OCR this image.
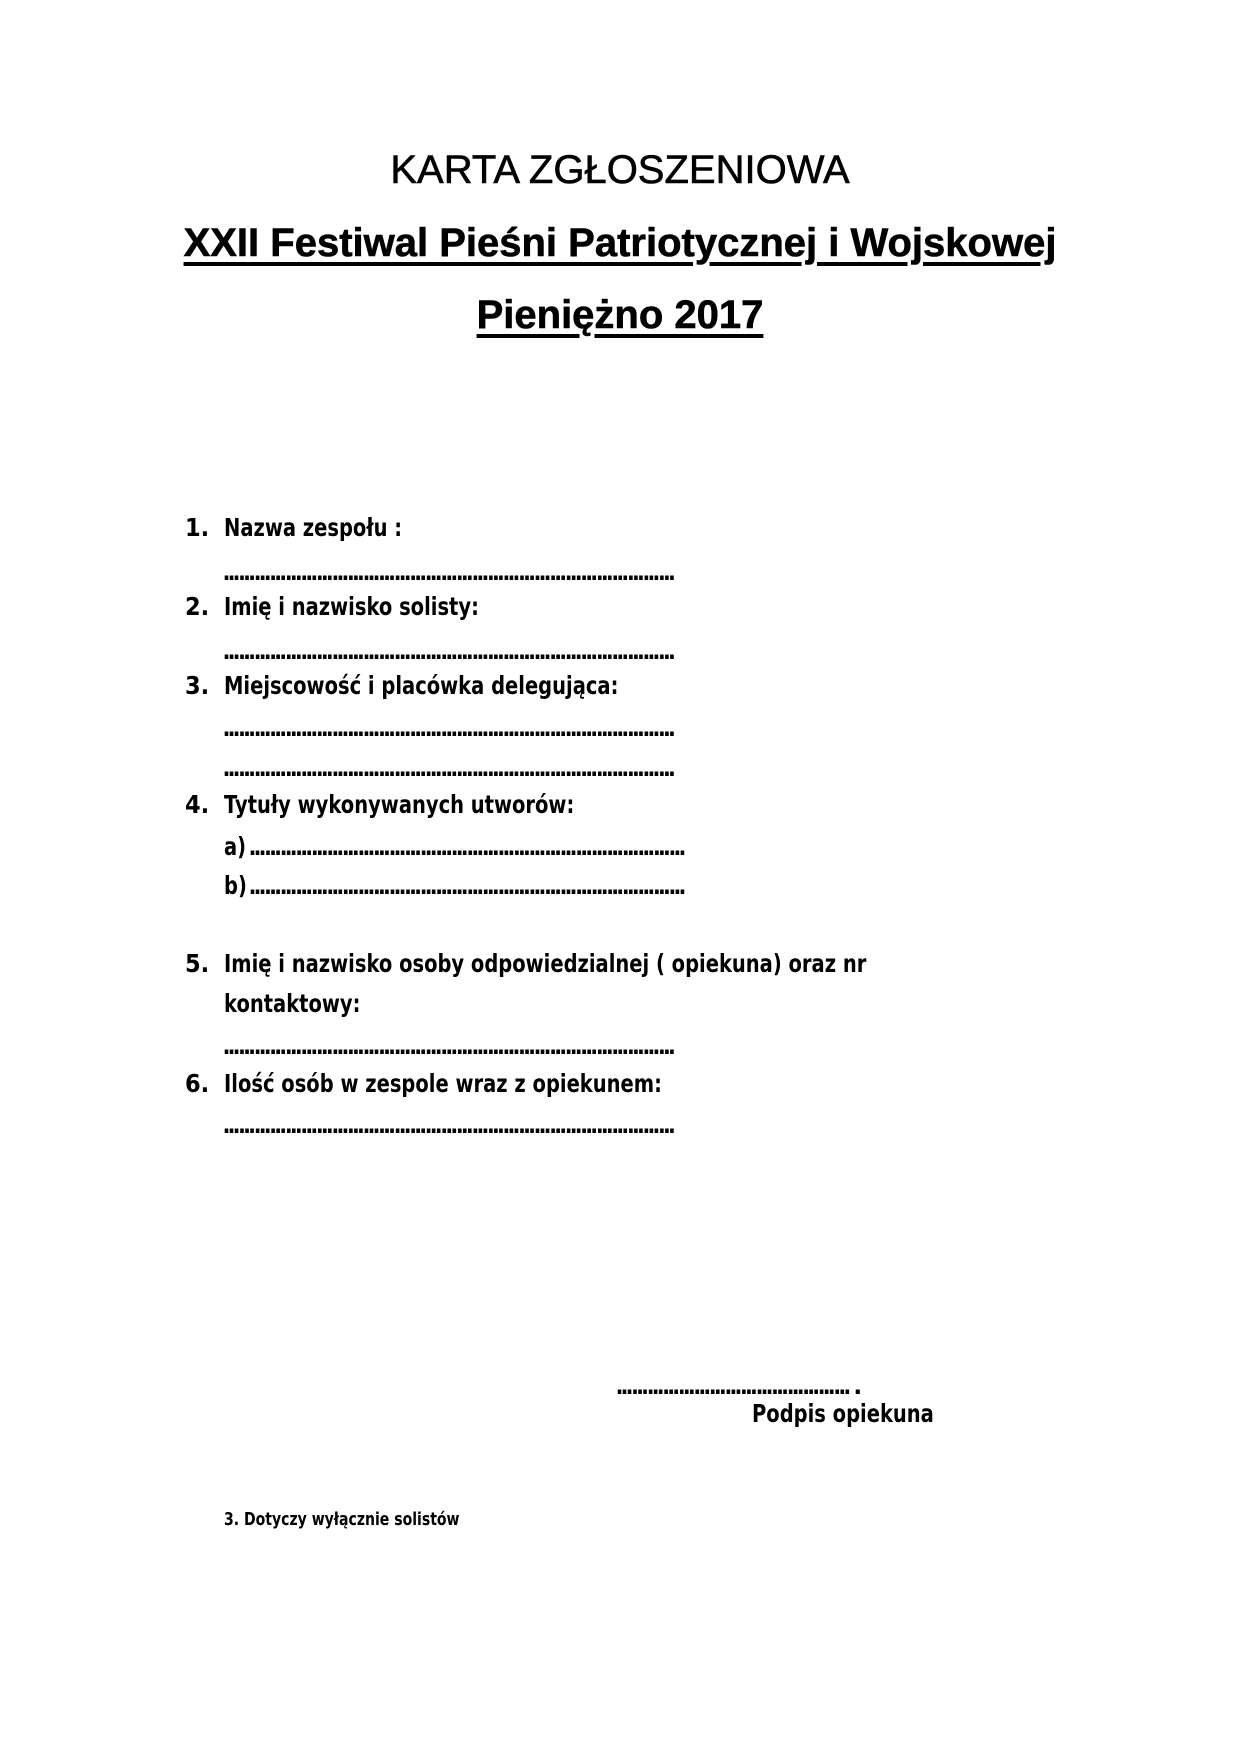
KARTA ZGŁOSZENIOWA
XXII Festiwal Pieśni Patriotycznej i Wojskowej
Pieniężno 2017
1. Nazwa zespołu :
……………………………………………………………………………
2. Imię i nazwisko solisty:
……………………………………………………………………………
3. Miejscowość i placówka delegująca:
……………………………………………………………………………
……………………………………………………………………………
4. Tytuły wykonywanych utworów:
a) …………………………………………………………………………
b) …………………………………………………………………………
5. Imię i nazwisko osoby odpowiedzialnej ( opiekuna) oraz nr
kontaktowy:
……………………………………………………………………………
6. Ilość osób w zespole wraz z opiekunem:
……………………………………………………………………………
……………………………………….
Podpis opiekuna
3. Dotyczy wyłącznie solistów
